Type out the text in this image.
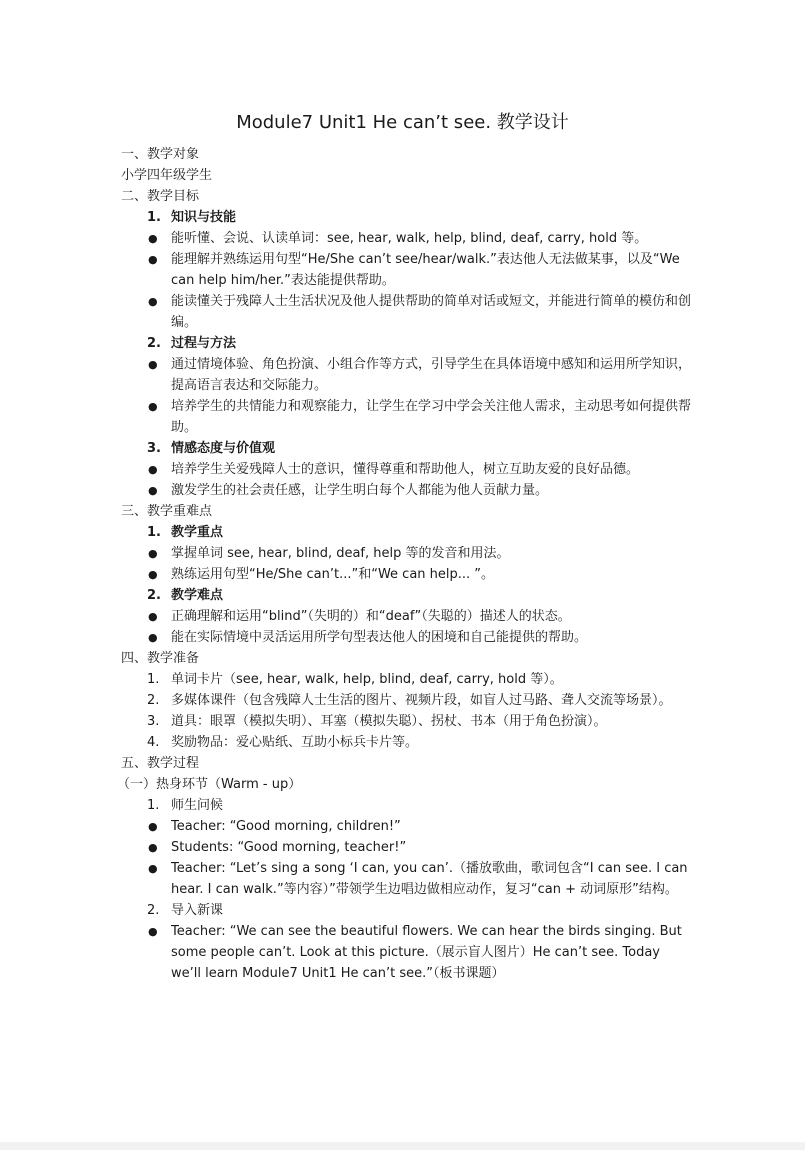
Module7 Unit1 He can’t see. 教学设计

一、教学对象

小学四年级学生

二、教学目标

1. 知识与技能
● 能听懂、会说、认读单词：see, hear, walk, help, blind, deaf, carry, hold 等。
● 能理解并熟练运用句型“He/She can’t see/hear/walk.”表达他人无法做某事，以及“We can help him/her.”表达能提供帮助。
● 能读懂关于残障人士生活状况及他人提供帮助的简单对话或短文，并能进行简单的模仿和创编。
2. 过程与方法
● 通过情境体验、角色扮演、小组合作等方式，引导学生在具体语境中感知和运用所学知识，提高语言表达和交际能力。
● 培养学生的共情能力和观察能力，让学生在学习中学会关注他人需求，主动思考如何提供帮助。
3. 情感态度与价值观
● 培养学生关爱残障人士的意识，懂得尊重和帮助他人，树立互助友爱的良好品德。
● 激发学生的社会责任感，让学生明白每个人都能为他人贡献力量。

三、教学重难点

1. 教学重点
● 掌握单词 see, hear, blind, deaf, help 等的发音和用法。
● 熟练运用句型“He/She can’t...”和“We can help... ”。
2. 教学难点
● 正确理解和运用“blind”（失明的）和“deaf”（失聪的）描述人的状态。
● 能在实际情境中灵活运用所学句型表达他人的困境和自己能提供的帮助。

四、教学准备

1. 单词卡片（see, hear, walk, help, blind, deaf, carry, hold 等）。
2. 多媒体课件（包含残障人士生活的图片、视频片段，如盲人过马路、聋人交流等场景）。
3. 道具：眼罩（模拟失明）、耳塞（模拟失聪）、拐杖、书本（用于角色扮演）。
4. 奖励物品：爱心贴纸、互助小标兵卡片等。

五、教学过程

（一）热身环节（Warm - up）

1. 师生问候
● Teacher: “Good morning, children!”
● Students: “Good morning, teacher!”
● Teacher: “Let’s sing a song ‘I can, you can’.（播放歌曲，歌词包含“I can see. I can hear. I can walk.”等内容）”带领学生边唱边做相应动作，复习“can + 动词原形”结构。
2. 导入新课
● Teacher: “We can see the beautiful flowers. We can hear the birds singing. But some people can’t. Look at this picture.（展示盲人图片）He can’t see. Today we’ll learn Module7 Unit1 He can’t see.”（板书课题）
